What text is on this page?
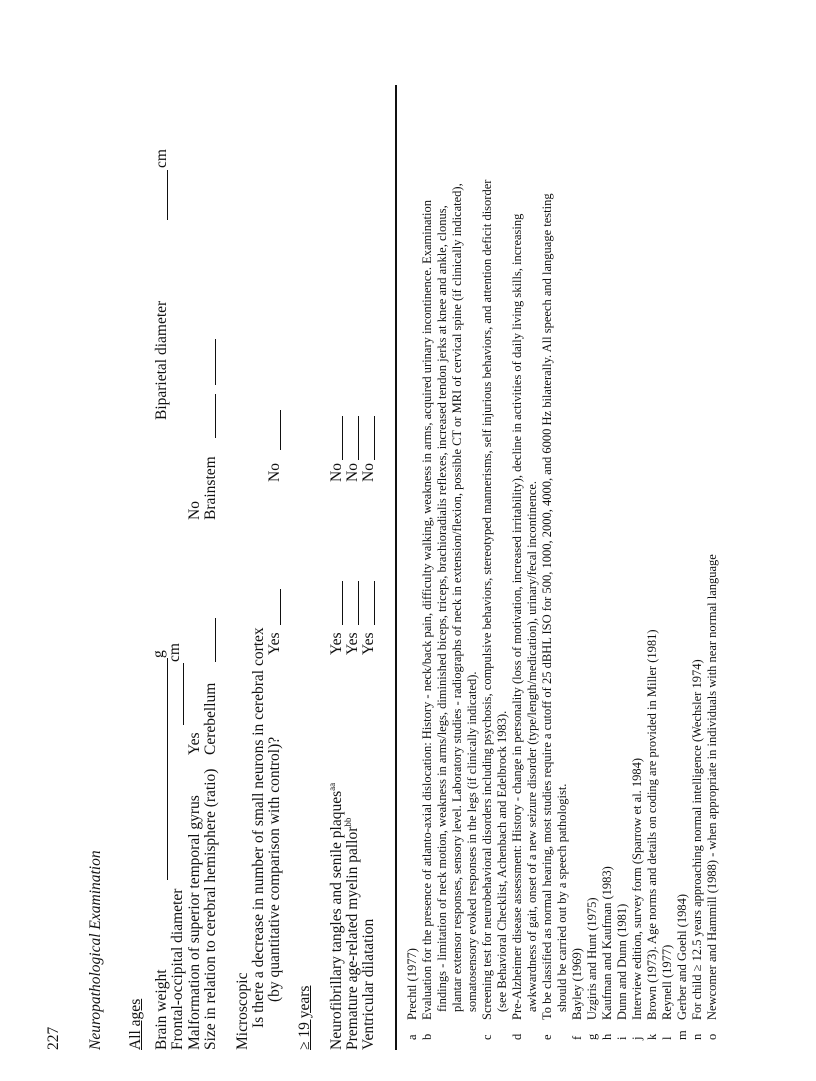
Neuropathological Examination All ages Brain weight
g
Frontal-occipital diameter
cm
Biparietal diameter
cm
Malformation of superior temporal gyrus
Yes
No
Size in relation to cerebral hemisphere (ratio)
Cerebellum
Brainstem
Microscopic Is there a decrease in number of small neurons in cerebral cortex (by quantitative comparison with control)?
Yes
No
≥ 19 years Neurofibrillary tangles and senile plaques$^{aa}$
Yes
No
Premature age-related myelin pallor$^{bb}$
Yes
No
Ventricular dilatation
Yes
No
a
Prechtl (1977)
b
Evaluation for the presence of atlanto-axial dislocation: History - neck/back pain, difficulty walking, weakness in arms, acquired urinary incontinence. Examination findings - limitation of neck motion, weakness in arms/legs, diminished biceps, triceps, brachioradialis reflexes, increased tendon jerks at knee and ankle, clonus, plantar extensor responses, sensory level. Laboratory studies - radiographs of neck in extension/flexion, possible CT or MRI of cervical spine (if clinically indicated), somatosensory evoked responses in the legs (if clinically indicated).
c
Screening test for neurobehavioral disorders including psychosis, compulsive behaviors, stereotyped mannerisms, self injurious behaviors, and attention deficit disorder (see Behavioral Checklist, Achenbach and Edelbrock 1983).
d
Pre-Alzheimer disease assessment: History - change in personality (loss of motivation, increased irritability), decline in activities of daily living skills, increasing awkwardness of gait, onset of a new seizure disorder (type/length/medication), urinary/fecal incontinence.
e
To be classified as normal hearing, most studies require a cutoff of 25 dBHL ISO for 500, 1000, 2000, 4000, and 6000 Hz bilaterally. All speech and language testing should be carried out by a speech pathologist.
f
Bayley (1969)
g
Uzgiris and Hunt (1975)
h
Kaufman and Kaufman (1983)
i
Dunn and Dunn (1981)
j
Interview edition, survey form (Sparrow et al. 1984)
k
Brown (1973). Age norms and details on coding are provided in Miller (1981)
l
Reynell (1977)
m
Gerber and Goehl (1984)
n
For child ≥ 12.5 years approaching normal intelligence (Wechsler 1974)
o
Newcomer and Hammill (1988) - when appropriate in individuals with near normal language
227
